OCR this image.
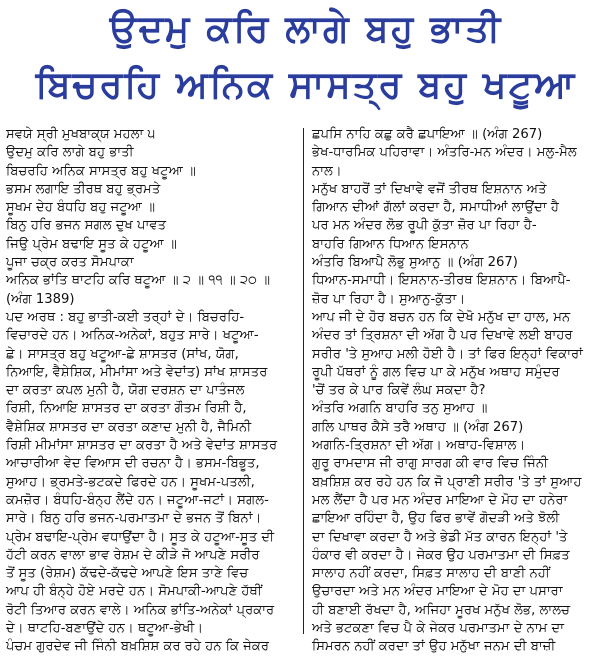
ਉਦਮੁ ਕਰਿ ਲਾਗੇ ਬਹੁ ਭਾਤੀ
ਬਿਚਰਹਿ ਅਨਿਕ ਸਾਸਤ੍ਰ ਬਹੁ ਖਟੂਆ
ਸਵਯੇ ਸ੍ਰੀ ਮੁਖਬਾਕ੍ਯ ਮਹਲਾ ੫
ਉਦਮੁ ਕਰਿ ਲਾਗੇ ਬਹੁ ਭਾਤੀ
ਬਿਚਰਹਿ ਅਨਿਕ ਸਾਸਤ੍ਰ ਬਹੁ ਖਟੂਆ ॥
ਭਸਮ ਲਗਾਇ ਤੀਰਥ ਬਹੁ ਭ੍ਰਮਤੇ
ਸੂਖਮ ਦੇਹ ਬੰਧਹਿ ਬਹੁ ਜਟੂਆ ॥
ਬਿਨੁ ਹਰਿ ਭਜਨ ਸਗਲ ਦੁਖ ਪਾਵਤ
ਜਿਉ ਪ੍ਰੇਮ ਬਢਾਇ ਸੂਤ ਕੇ ਹਟੂਆ ॥
ਪੂਜਾ ਚਕ੍ਰ ਕਰਤ ਸੋਮਪਾਕਾ
ਅਨਿਕ ਭਾਂਤਿ ਥਾਟਹਿ ਕਰਿ ਥਟੂਆ ॥ ੨ ॥ ੧੧ ॥ ੨੦ ॥
(ਅੰਗ 1389)
ਪਦ ਅਰਥ : ਬਹੁ ਭਾਤੀ-ਕਈ ਤਰ੍ਹਾਂ ਦੇ। ਬਿਚਰਹਿ-
ਵਿਚਾਰਦੇ ਹਨ। ਅਨਿਕ-ਅਨੇਕਾਂ, ਬਹੁਤ ਸਾਰੇ। ਖਟੂਆ-
ਛੇ। ਸਾਸਤ੍ਰ ਬਹੁ ਖਟੂਆ-ਛੇ ਸ਼ਾਸਤਰ (ਸਾਂਖ, ਯੋਗ,
ਨਿਆਇ, ਵੈਸ਼ੇਸ਼ਿਕ, ਮੀਮਾਂਸਾ ਅਤੇ ਵੇਦਾਂਤ) ਸਾਂਖ ਸ਼ਾਸਤਰ
ਦਾ ਕਰਤਾ ਕਪਲ ਮੁਨੀ ਹੈ, ਯੋਗ ਦਰਸ਼ਨ ਦਾ ਪਾਤੰਜਲ
ਰਿਸ਼ੀ, ਨਿਆਇ ਸ਼ਾਸਤਰ ਦਾ ਕਰਤਾ ਗੌਤਮ ਰਿਸ਼ੀ ਹੈ,
ਵੈਸ਼ੇਸ਼ਿਕ ਸ਼ਾਸਤਰ ਦਾ ਕਰਤਾ ਕਣਾਦ ਮੁਨੀ ਹੈ, ਜੈਮਿਨੀ
ਰਿਸ਼ੀ ਮੀਮਾਂਸਾ ਸ਼ਾਸਤਰ ਦਾ ਕਰਤਾ ਹੈ ਅਤੇ ਵੇਦਾਂਤ ਸ਼ਾਸਤਰ
ਆਚਾਰੀਆ ਵੇਦ ਵਿਆਸ ਦੀ ਰਚਨਾ ਹੈ। ਭਸਮ-ਬਿਭੂਤ,
ਸੁਆਹ। ਭ੍ਰਮਤੇ-ਭਟਕਦੇ ਫਿਰਦੇ ਹਨ। ਸੂਖਮ-ਪਤਲੀ,
ਕਮਜ਼ੋਰ। ਬੰਧਹਿ-ਬੰਨ੍ਹ ਲੈਂਦੇ ਹਨ। ਜਟੂਆ-ਜਟਾਂ। ਸਗਲ-
ਸਾਰੇ। ਬਿਨੁ ਹਰਿ ਭਜਨ-ਪਰਮਾਤਮਾ ਦੇ ਭਜਨ ਤੋਂ ਬਿਨਾਂ।
ਪ੍ਰੇਮ ਬਢਾਇ-ਪ੍ਰੇਮ ਵਧਾਉਂਦਾ ਹੈ। ਸੂਤ ਕੇ ਹਟੂਆ-ਸੂਤ ਦੀ
ਹੱਟੀ ਕਰਨ ਵਾਲਾ ਭਾਵ ਰੇਸ਼ਮ ਦੇ ਕੀੜੇ ਜੋ ਆਪਣੇ ਸਰੀਰ
ਤੋਂ ਸੂਤ (ਰੇਸ਼ਮ) ਕੱਢਦੇ-ਕੱਢਦੇ ਆਪਣੇ ਇਸ ਤਾਣੇ ਵਿਚ
ਆਪ ਹੀ ਬੰਨ੍ਹੇ ਹੋਏ ਮਰਦੇ ਹਨ। ਸੋਮਪਾਕੀ-ਆਪਣੇ ਹੱਥੀਂ
ਰੋਟੀ ਤਿਆਰ ਕਰਨ ਵਾਲੇ। ਅਨਿਕ ਭਾਂਤਿ-ਅਨੇਕਾਂ ਪ੍ਰਕਾਰ
ਦੇ। ਥਾਟਹਿ-ਬਣਾਉਂਦੇ ਹਨ। ਥਟੂਆ-ਭੇਖੀ।
ਪੰਚਮ ਗੁਰਦੇਵ ਜੀ ਜਿੰਨੀ ਬਖ਼ਸ਼ਿਸ਼ ਕਰ ਰਹੇ ਹਨ ਕਿ ਜੇਕਰ
ਛਪਸਿ ਨਾਹਿ ਕਛੁ ਕਰੈ ਛਪਾਇਆ ॥ (ਅੰਗ 267)
ਭੇਖ-ਧਾਰਮਿਕ ਪਹਿਰਾਵਾ। ਅੰਤਰਿ-ਮਨ ਅੰਦਰ। ਮਲੁ-ਮੈਲ
ਨਾਲ।
ਮਨੁੱਖ ਬਾਹਰੋਂ ਤਾਂ ਦਿਖਾਵੇ ਵਜੋਂ ਤੀਰਥ ਇਸ਼ਨਾਨ ਅਤੇ
ਗਿਆਨ ਦੀਆਂ ਗੱਲਾਂ ਕਰਦਾ ਹੈ, ਸਮਾਧੀਆਂ ਲਾਉਂਦਾ ਹੈ
ਪਰ ਮਨ ਅੰਦਰ ਲੋਭ ਰੂਪੀ ਕੁੱਤਾ ਜ਼ੋਰ ਪਾ ਰਿਹਾ ਹੈ-
ਬਾਹਰਿ ਗਿਆਨ ਧਿਆਨ ਇਸਨਾਨ
ਅੰਤਰਿ ਬਿਆਪੈ ਲੋਭੁ ਸੁਆਨੁ ॥ (ਅੰਗ 267)
ਧਿਆਨ-ਸਮਾਧੀ। ਇਸਨਾਨ-ਤੀਰਥ ਇਸ਼ਨਾਨ। ਬਿਆਪੈ-
ਜ਼ੋਰ ਪਾ ਰਿਹਾ ਹੈ। ਸੁਆਨੁ-ਕੁੱਤਾ।
ਆਪ ਜੀ ਦੇ ਹੋਰ ਬਚਨ ਹਨ ਕਿ ਦੇਖੋ ਮਨੁੱਖ ਦਾ ਹਾਲ, ਮਨ
ਅੰਦਰ ਤਾਂ ਤ੍ਰਿਸ਼ਨਾ ਦੀ ਅੱਗ ਹੈ ਪਰ ਦਿਖਾਵੇ ਲਈ ਬਾਹਰ
ਸਰੀਰ 'ਤੇ ਸੁਆਹ ਮਲੀ ਹੋਈ ਹੈ। ਤਾਂ ਫਿਰ ਇਨ੍ਹਾਂ ਵਿਕਾਰਾਂ
ਰੂਪੀ ਪੱਥਰਾਂ ਨੂੰ ਗਲ ਵਿਚ ਪਾ ਕੇ ਮਨੁੱਖ ਅਥਾਹ ਸਮੁੰਦਰ
'ਚੋਂ ਤਰ ਕੇ ਪਾਰ ਕਿਵੇਂ ਲੰਘ ਸਕਦਾ ਹੈ?
ਅੰਤਰਿ ਅਗਨਿ ਬਾਹਰਿ ਤਨੁ ਸੁਆਹ ॥
ਗਲਿ ਪਾਥਰ ਕੈਸੇ ਤਰੈ ਅਥਾਹ ॥ (ਅੰਗ 267)
ਅਗਨਿ-ਤ੍ਰਿਸ਼ਨਾ ਦੀ ਅੱਗ। ਅਥਾਹ-ਵਿਸ਼ਾਲ।
ਗੁਰੂ ਰਾਮਦਾਸ ਜੀ ਰਾਗੁ ਸਾਰਗ ਕੀ ਵਾਰ ਵਿਚ ਜਿੰਨੀ
ਬਖ਼ਸ਼ਿਸ਼ ਕਰ ਰਹੇ ਹਨ ਕਿ ਜੋ ਪ੍ਰਾਣੀ ਸਰੀਰ 'ਤੇ ਤਾਂ ਸੁਆਹ
ਮਲ ਲੈਂਦਾ ਹੈ ਪਰ ਮਨ ਅੰਦਰ ਮਾਇਆ ਦੇ ਮੋਹ ਦਾ ਹਨੇਰਾ
ਛਾਇਆ ਰਹਿੰਦਾ ਹੈ, ਉਹ ਫਿਰ ਭਾਵੇਂ ਗੋਦੜੀ ਅਤੇ ਝੋਲੀ
ਦਾ ਦਿਖਾਵਾ ਕਰਦਾ ਹੈ ਅਤੇ ਭੇਡੀ ਮੱਤ ਕਾਰਨ ਇਨ੍ਹਾਂ 'ਤੇ
ਹੰਕਾਰ ਵੀ ਕਰਦਾ ਹੈ। ਜੇਕਰ ਉਹ ਪਰਮਾਤਮਾ ਦੀ ਸਿਫ਼ਤ
ਸਾਲਾਹ ਨਹੀਂ ਕਰਦਾ, ਸਿਫ਼ਤ ਸਾਲਾਹ ਦੀ ਬਾਣੀ ਨਹੀਂ
ਉਚਾਰਦਾ ਅਤੇ ਮਨ ਅੰਦਰ ਮਾਇਆ ਦੇ ਮੋਹ ਦਾ ਪਸਾਰਾ
ਹੀ ਬਣਾਈ ਰੱਖਦਾ ਹੈ, ਅਜਿਹਾ ਮੂਰਖ ਮਨੁੱਖ ਲੋਭ, ਲਾਲਚ
ਅਤੇ ਭਟਕਣਾ ਵਿਚ ਪੈ ਕੇ ਜੇਕਰ ਪਰਮਾਤਮਾ ਦੇ ਨਾਮ ਦਾ
ਸਿਮਰਨ ਨਹੀਂ ਕਰਦਾ ਤਾਂ ਉਹ ਮਨੁੱਖਾ ਜਨਮ ਦੀ ਬਾਜ਼ੀ
